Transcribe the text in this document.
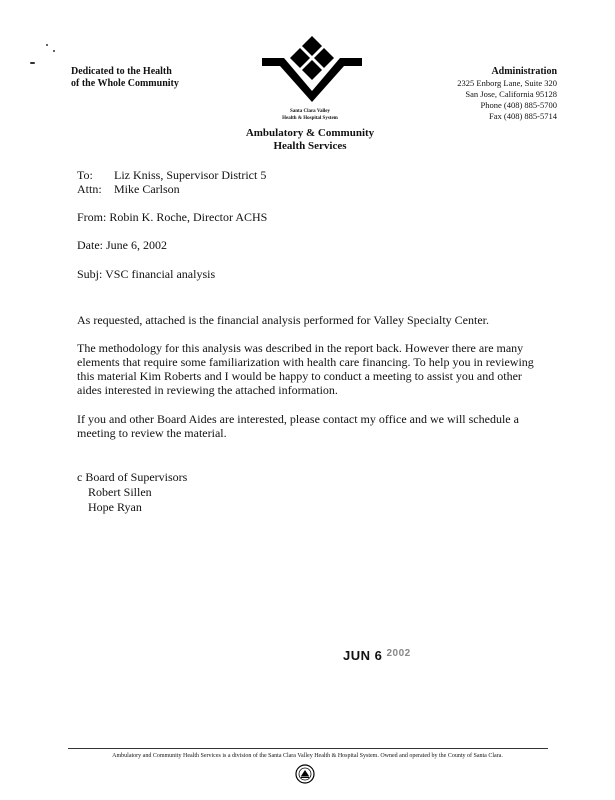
Dedicated to the Health
of the Whole Community
Santa Clara Valley
Health & Hospital System
Ambulatory & Community
Health Services
Administration
2325 Enborg Lane, Suite 320
San Jose, California 95128
Phone (408) 885-5700
Fax (408) 885-5714
To: Liz Kniss, Supervisor District 5
Attn: Mike Carlson
From: Robin K. Roche, Director ACHS
Date: June 6, 2002
Subj: VSC financial analysis
As requested, attached is the financial analysis performed for Valley Specialty Center.
The methodology for this analysis was described in the report back. However there are many elements that require some familiarization with health care financing. To help you in reviewing this material Kim Roberts and I would be happy to conduct a meeting to assist you and other aides interested in reviewing the attached information.
If you and other Board Aides are interested, please contact my office and we will schedule a meeting to review the material.
c Board of Supervisors
Robert Sillen
Hope Ryan
JUN 6 $^{2002}$
Ambulatory and Community Health Services is a division of the Santa Clara Valley Health & Hospital System. Owned and operated by the County of Santa Clara.
